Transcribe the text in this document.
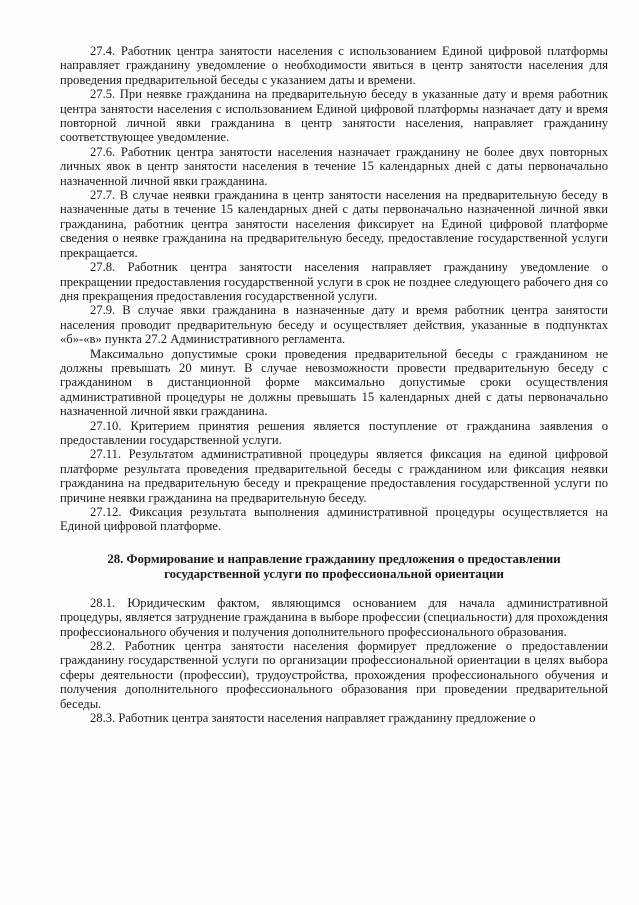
27.4. Работник центра занятости населения с использованием Единой цифровой платформы направляет гражданину уведомление о необходимости явиться в центр занятости населения для проведения предварительной беседы с указанием даты и времени.

27.5. При неявке гражданина на предварительную беседу в указанные дату и время работник центра занятости населения с использованием Единой цифровой платформы назначает дату и время повторной личной явки гражданина в центр занятости населения, направляет гражданину соответствующее уведомление.

27.6. Работник центра занятости населения назначает гражданину не более двух повторных личных явок в центр занятости населения в течение 15 календарных дней с даты первоначально назначенной личной явки гражданина.

27.7. В случае неявки гражданина в центр занятости населения на предварительную беседу в назначенные даты в течение 15 календарных дней с даты первоначально назначенной личной явки гражданина, работник центра занятости населения фиксирует на Единой цифровой платформе сведения о неявке гражданина на предварительную беседу, предоставление государственной услуги прекращается.

27.8. Работник центра занятости населения направляет гражданину уведомление о прекращении предоставления государственной услуги в срок не позднее следующего рабочего дня со дня прекращения предоставления государственной услуги.

27.9. В случае явки гражданина в назначенные дату и время работник центра занятости населения проводит предварительную беседу и осуществляет действия, указанные в подпунктах «б»-«в» пункта 27.2 Административного регламента.

Максимально допустимые сроки проведения предварительной беседы с гражданином не должны превышать 20 минут. В случае невозможности провести предварительную беседу с гражданином в дистанционной форме максимально допустимые сроки осуществления административной процедуры не должны превышать 15 календарных дней с даты первоначально назначенной личной явки гражданина.

27.10. Критерием принятия решения является поступление от гражданина заявления о предоставлении государственной услуги.

27.11. Результатом административной процедуры является фиксация на единой цифровой платформе результата проведения предварительной беседы с гражданином или фиксация неявки гражданина на предварительную беседу и прекращение предоставления государственной услуги по причине неявки гражданина на предварительную беседу.

27.12. Фиксация результата выполнения административной процедуры осуществляется на Единой цифровой платформе.

28. Формирование и направление гражданину предложения о предоставлении

государственной услуги по профессиональной ориентации

28.1. Юридическим фактом, являющимся основанием для начала административной процедуры, является затруднение гражданина в выборе профессии (специальности) для прохождения профессионального обучения и получения дополнительного профессионального образования.

28.2. Работник центра занятости населения формирует предложение о предоставлении гражданину государственной услуги по организации профессиональной ориентации в целях выбора сферы деятельности (профессии), трудоустройства, прохождения профессионального обучения и получения дополнительного профессионального образования при проведении предварительной беседы.

28.3. Работник центра занятости населения направляет гражданину предложение о
